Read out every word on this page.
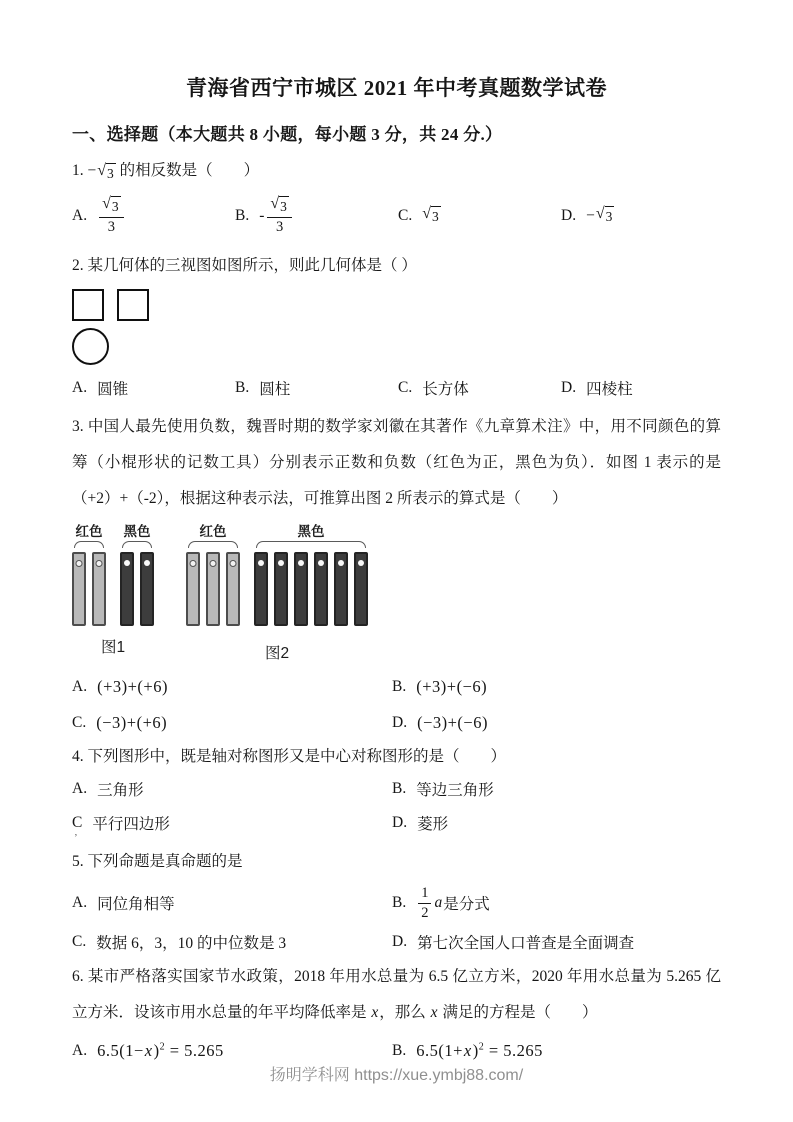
青海省西宁市城区 2021 年中考真题数学试卷
一、选择题（本大题共 8 小题，每小题 3 分，共 24 分.）
1. − √ 3 的相反数是（　　）
A. $\frac{√ 3}{3}$	B. - $\frac{√ 3}{3}$	C. √ 3	D. − √ 3
2. 某几何体的三视图如图所示，则此几何体是（ ）
A. 圆锥	B. 圆柱	C. 长方体	D. 四棱柱
3. 中国人最先使用负数，魏晋时期的数学家刘徽在其著作《九章算术注》中，用不同颜色的算筹（小棍形状的记数工具）分别表示正数和负数（红色为正，黑色为负）．如图 1 表示的是（+2）+（-2），根据这种表示法，可推算出图 2 所表示的算式是（　　）
红色 黑色
图1
红色	黑色
图2
A. (+3)+(+6)	B. (+3)+(−6)
C. (−3)+(+6)	D. (−3)+(−6)
4. 下列图形中，既是轴对称图形又是中心对称图形的是（　　）
A. 三角形	B. 等边三角形
C ’ 平行四边形	D. 菱形
5. 下列命题是真命题的是
A. 同位角相等	B. $\frac{1}{2}$ a 是分式
C. 数据 6，3，10 的中位数是 3	D. 第七次全国人口普查是全面调查
6. 某市严格落实国家节水政策，2018 年用水总量为 6.5 亿立方米，2020 年用水总量为 5.265 亿立方米．设该市用水总量的年平均降低率是 x，那么 x 满足的方程是（　　）
A. $6.5(1-x)^2 = 5.265$	B. $6.5(1+x)^2 = 5.265$
扬明学科网 https://xue.ymbj88.com/
